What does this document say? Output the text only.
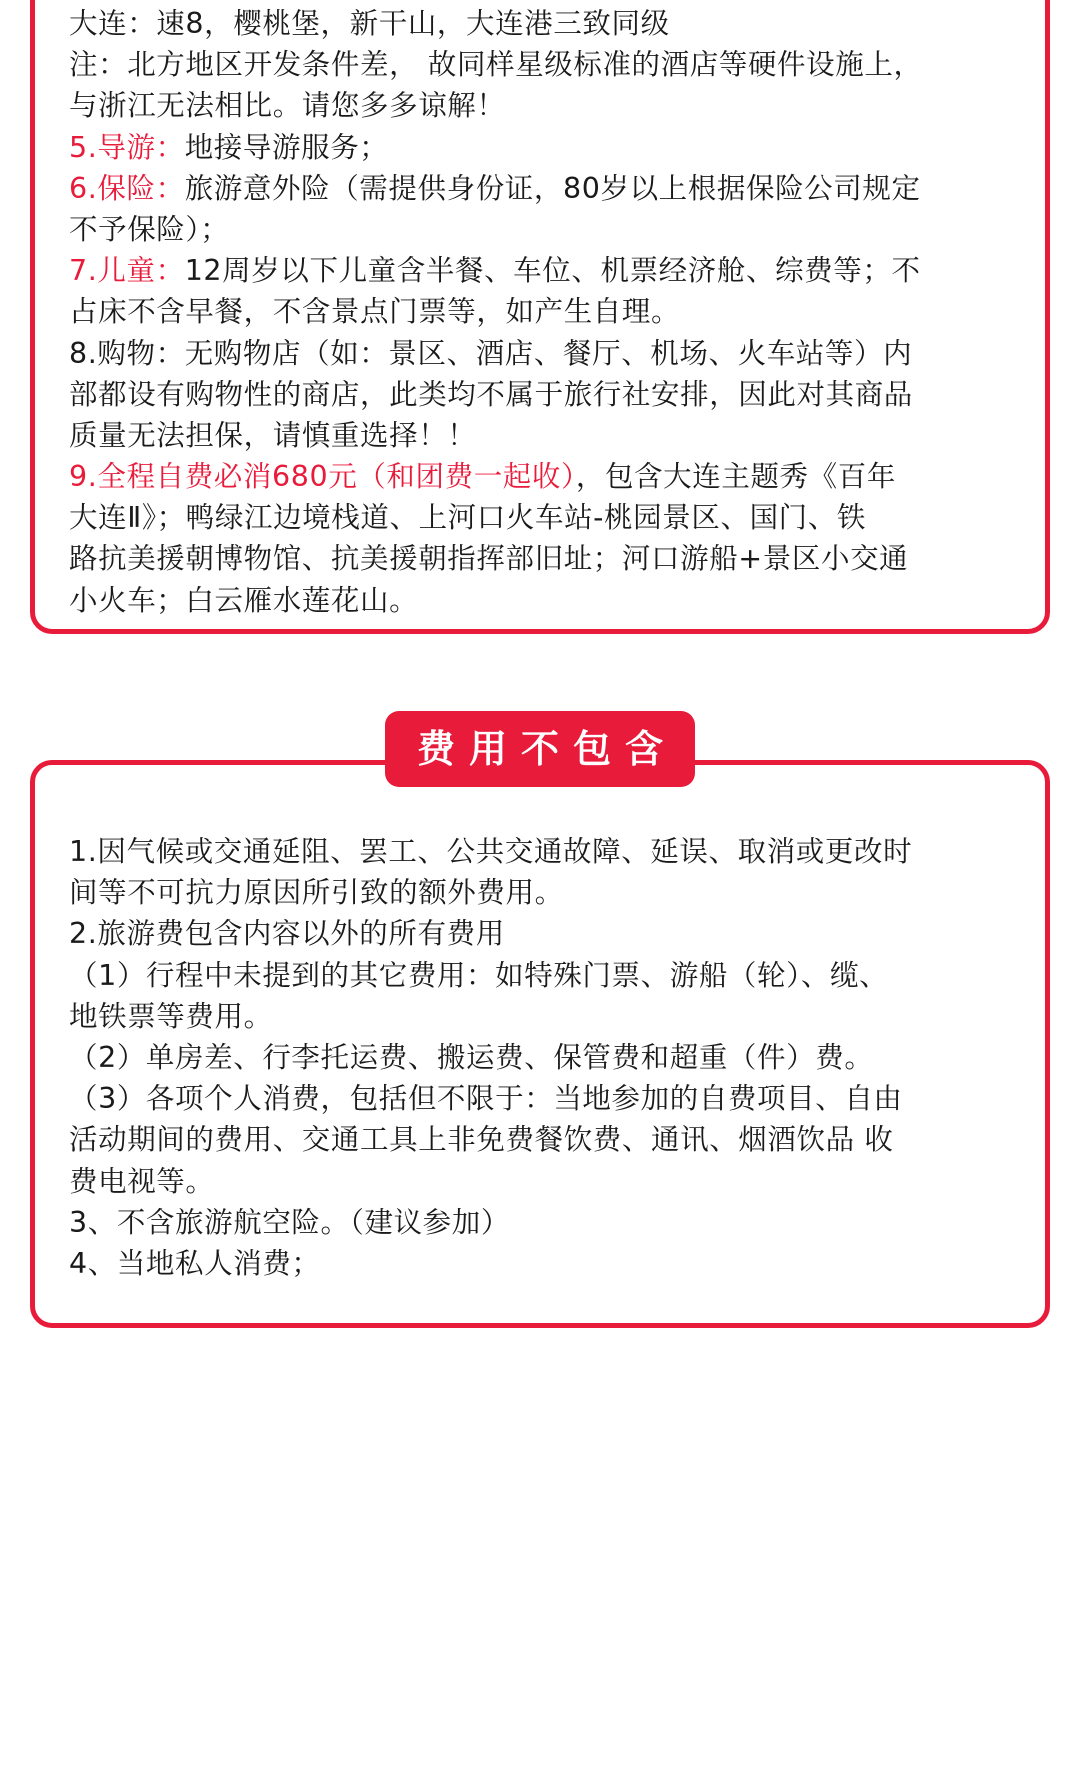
大连：速8，樱桃堡，新干山，大连港三致同级
注：北方地区开发条件差， 故同样星级标准的酒店等硬件设施上，
与浙江无法相比。请您多多谅解！
5.导游：地接导游服务；
6.保险：旅游意外险（需提供身份证，80岁以上根据保险公司规定
不予保险）；
7.儿童：12周岁以下儿童含半餐、车位、机票经济舱、综费等；不
占床不含早餐，不含景点门票等，如产生自理。
8.购物：无购物店（如：景区、酒店、餐厅、机场、火车站等）内
部都设有购物性的商店，此类均不属于旅行社安排，因此对其商品
质量无法担保，请慎重选择！！
9.全程自费必消680元（和团费一起收），包含大连主题秀《百年
大连Ⅱ》；鸭绿江边境栈道、上河口火车站-桃园景区、国门、铁
路抗美援朝博物馆、抗美援朝指挥部旧址；河口游船+景区小交通
小火车；白云雁水莲花山。
费用不包含
1.因气候或交通延阻、罢工、公共交通故障、延误、取消或更改时
间等不可抗力原因所引致的额外费用。
2.旅游费包含内容以外的所有费用
（1）行程中未提到的其它费用：如特殊门票、游船（轮）、缆、
地铁票等费用。
（2）单房差、行李托运费、搬运费、保管费和超重（件）费。
（3）各项个人消费，包括但不限于：当地参加的自费项目、自由
活动期间的费用、交通工具上非免费餐饮费、通讯、烟酒饮品 收
费电视等。
3、不含旅游航空险。（建议参加）
4、当地私人消费；
